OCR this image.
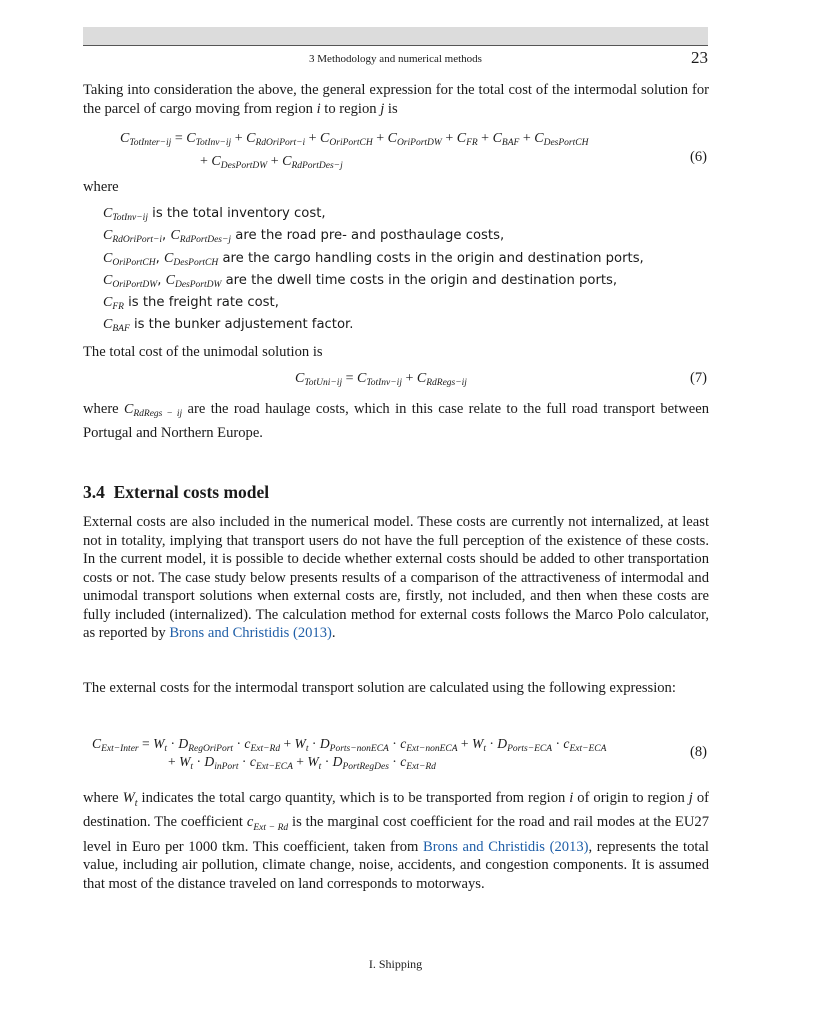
3 Methodology and numerical methods	23

Taking into consideration the above, the general expression for the total cost of the intermodal solution for the parcel of cargo moving from region i to region j is

$C_{TotInter-ij} = C_{TotInv-ij} + C_{RdOriPort-i} + C_{OriPortCH} + C_{OriPortDW} + C_{FR} + C_{BAF} + C_{DesPortCH}$
+ $C_{DesPortDW} + C_{RdPortDes-j}$
(6)

where

$C_{TotInv-ij}$ is the total inventory cost,
$C_{RdOriPort-i}$, $C_{RdPortDes-j}$ are the road pre- and posthaulage costs,
$C_{OriPortCH}$, $C_{DesPortCH}$ are the cargo handling costs in the origin and destination ports,
$C_{OriPortDW}$, $C_{DesPortDW}$ are the dwell time costs in the origin and destination ports,
$C_{FR}$ is the freight rate cost,
$C_{BAF}$ is the bunker adjustement factor.

The total cost of the unimodal solution is

$C_{TotUni-ij} = C_{TotInv-ij} + C_{RdRegs-ij}$	(7)

where $C_{RdRegs - ij}$ are the road haulage costs, which in this case relate to the full road transport between Portugal and Northern Europe.

3.4 External costs model

External costs are also included in the numerical model. These costs are currently not internalized, at least not in totality, implying that transport users do not have the full perception of the existence of these costs. In the current model, it is possible to decide whether external costs should be added to other transportation costs or not. The case study below presents results of a comparison of the attractiveness of intermodal and unimodal transport solutions when external costs are, firstly, not included, and then when these costs are fully included (internalized). The calculation method for external costs follows the Marco Polo calculator, as reported by Brons and Christidis (2013).

The external costs for the intermodal transport solution are calculated using the following expression:

$C_{Ext-Inter} = W_t \cdot D_{RegOriPort} \cdot c_{Ext-Rd} + W_t \cdot D_{Ports-nonECA} \cdot c_{Ext-nonECA} + W_t \cdot D_{Ports-ECA} \cdot c_{Ext-ECA}$
+ $W_t \cdot D_{inPort} \cdot c_{Ext-ECA} + W_t \cdot D_{PortRegDes} \cdot c_{Ext-Rd}$
(8)

where $W_t$ indicates the total cargo quantity, which is to be transported from region i of origin to region j of destination. The coefficient $c_{Ext - Rd}$ is the marginal cost coefficient for the road and rail modes at the EU27 level in Euro per 1000 tkm. This coefficient, taken from Brons and Christidis (2013), represents the total value, including air pollution, climate change, noise, accidents, and congestion components. It is assumed that most of the distance traveled on land corresponds to motorways.

I. Shipping
